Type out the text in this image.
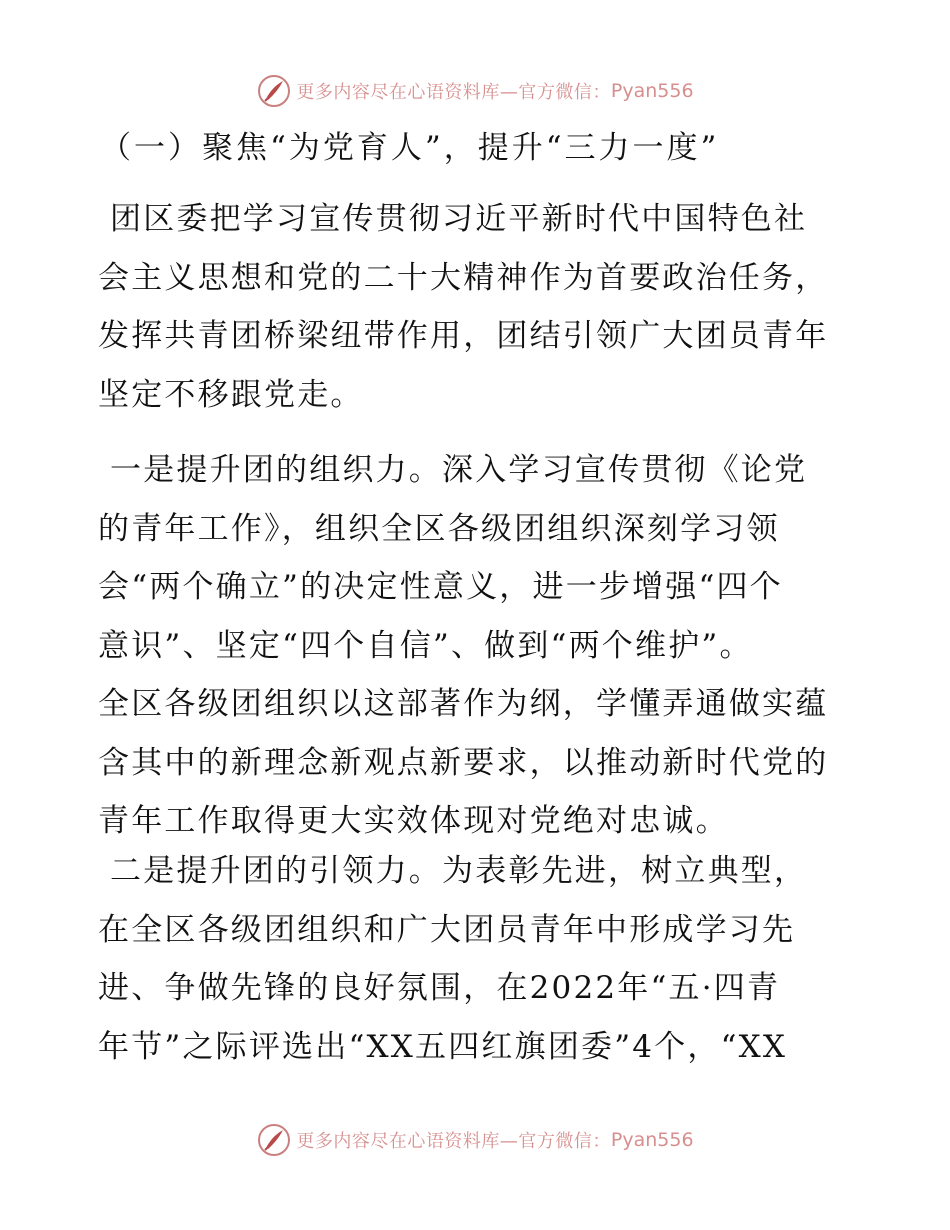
更多内容尽在心语资料库—官方微信： Pyan556
（一）聚焦“为党育人”，提升“三力一度”

团区委把学习宣传贯彻习近平新时代中国特色社
会主义思想和党的二十大精神作为首要政治任务，
发挥共青团桥梁纽带作用，团结引领广大团员青年
坚定不移跟党走。

一是提升团的组织力。深入学习宣传贯彻《论党
的青年工作》，组织全区各级团组织深刻学习领
会“两个确立”的决定性意义，进一步增强“四个
意识”、坚定“四个自信”、做到“两个维护”。
全区各级团组织以这部著作为纲，学懂弄通做实蕴
含其中的新理念新观点新要求，以推动新时代党的
青年工作取得更大实效体现对党绝对忠诚。

二是提升团的引领力。为表彰先进，树立典型，
在全区各级团组织和广大团员青年中形成学习先
进、争做先锋的良好氛围，在2022年“五·四青
年节”之际评选出“XX五四红旗团委”4个，“XX

更多内容尽在心语资料库—官方微信： Pyan556
